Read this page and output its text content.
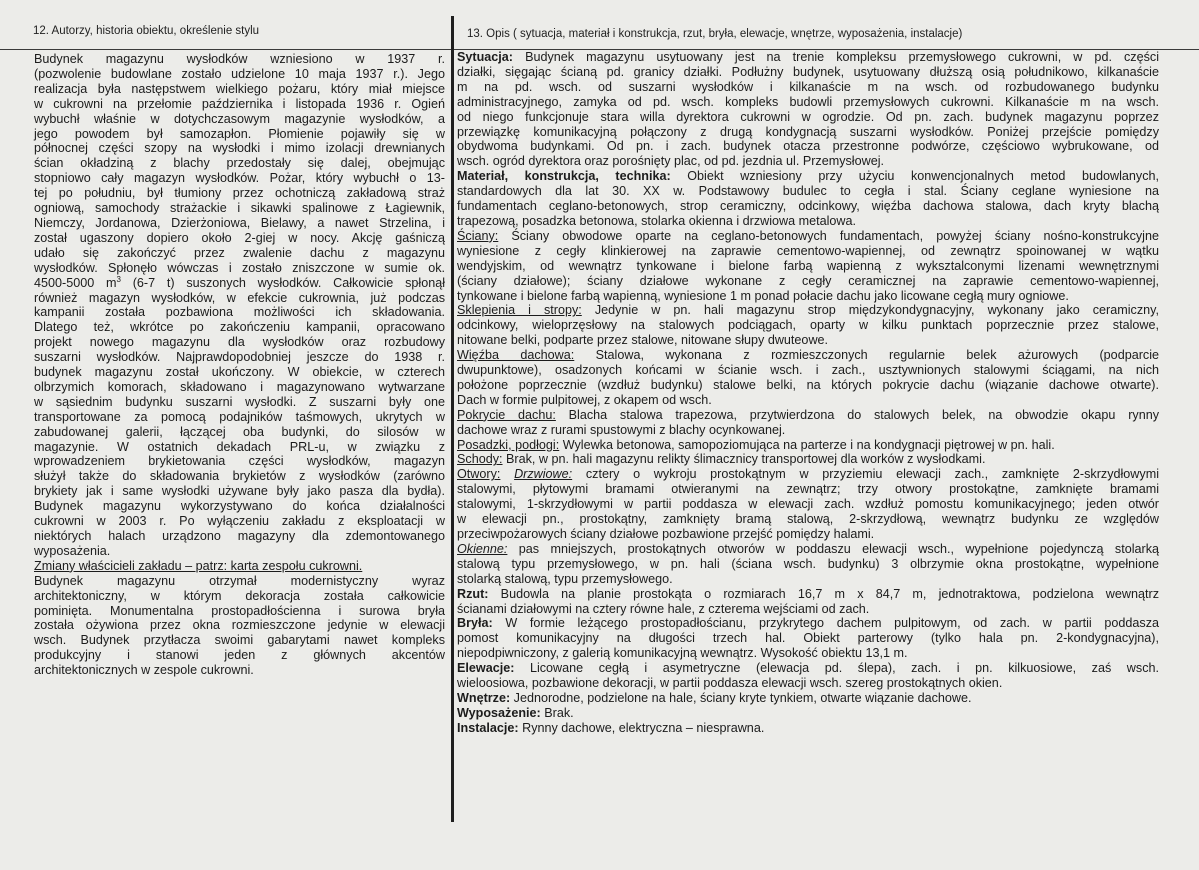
12. Autorzy, historia obiektu, określenie stylu	13. Opis ( sytuacja, materiał i konstrukcja, rzut, bryła, elewacje, wnętrze, wyposażenia, instalacje)

Budynek magazynu wysłodków wzniesiono w 1937 r.

(pozwolenie budowlane zostało udzielone 10 maja 1937 r.). Jego

realizacja była następstwem wielkiego pożaru, który miał miejsce

w cukrowni na przełomie października i listopada 1936 r. Ogień

wybuchł właśnie w dotychczasowym magazynie wysłodków, a

jego powodem był samozapłon. Płomienie pojawiły się w

północnej części szopy na wysłodki i mimo izolacji drewnianych

ścian okładziną z blachy przedostały się dalej, obejmując

stopniowo cały magazyn wysłodków. Pożar, który wybuchł o 13-

tej po południu, był tłumiony przez ochotniczą zakładową straż

ogniową, samochody strażackie i sikawki spalinowe z Łagiewnik,

Niemczy, Jordanowa, Dzierżoniowa, Bielawy, a nawet Strzelina, i

został ugaszony dopiero około 2-giej w nocy. Akcję gaśniczą

udało się zakończyć przez zwalenie dachu z magazynu

wysłodków. Spłonęło wówczas i zostało zniszczone w sumie ok.

4500-5000 $m^3$ (6-7 t) suszonych wysłodków. Całkowicie spłonął

również magazyn wysłodków, w efekcie cukrownia, już podczas

kampanii została pozbawiona możliwości ich składowania.

Dlatego też, wkrótce po zakończeniu kampanii, opracowano

projekt nowego magazynu dla wysłodków oraz rozbudowy

suszarni wysłodków. Najprawdopodobniej jeszcze do 1938 r.

budynek magazynu został ukończony. W obiekcie, w czterech

olbrzymich komorach, składowano i magazynowano wytwarzane

w sąsiednim budynku suszarni wysłodki. Z suszarni były one

transportowane za pomocą podajników taśmowych, ukrytych w

zabudowanej galerii, łączącej oba budynki, do silosów w

magazynie. W ostatnich dekadach PRL-u, w związku z

wprowadzeniem brykietowania części wysłodków, magazyn

służył także do składowania brykietów z wysłodków (zarówno

brykiety jak i same wysłodki używane były jako pasza dla bydła).

Budynek magazynu wykorzystywano do końca działalności

cukrowni w 2003 r. Po wyłączeniu zakładu z eksploatacji w

niektórych halach urządzono magazyny dla zdemontowanego

wyposażenia.

Zmiany właścicieli zakładu – patrz: karta zespołu cukrowni.

Budynek magazynu otrzymał modernistyczny wyraz

architektoniczny, w którym dekoracja została całkowicie

pominięta. Monumentalna prostopadłościenna i surowa bryła

została ożywiona przez okna rozmieszczone jedynie w elewacji

wsch. Budynek przytłacza swoimi gabarytami nawet kompleks

produkcyjny i stanowi jeden z głównych akcentów

architektonicznych w zespole cukrowni.

Sytuacja: Budynek magazynu usytuowany jest na trenie kompleksu przemysłowego cukrowni, w pd. części

działki, sięgając ścianą pd. granicy działki. Podłużny budynek, usytuowany dłuższą osią południkowo, kilkanaście

m na pd. wsch. od suszarni wysłodków i kilkanaście m na wsch. od rozbudowanego budynku

administracyjnego, zamyka od pd. wsch. kompleks budowli przemysłowych cukrowni. Kilkanaście m na wsch.

od niego funkcjonuje stara willa dyrektora cukrowni w ogrodzie. Od pn. zach. budynek magazynu poprzez

przewiązkę komunikacyjną połączony z drugą kondygnacją suszarni wysłodków. Poniżej przejście pomiędzy

obydwoma budynkami. Od pn. i zach. budynek otacza przestronne podwórze, częściowo wybrukowane, od

wsch. ogród dyrektora oraz porośnięty plac, od pd. jezdnia ul. Przemysłowej.

Materiał, konstrukcja, technika: Obiekt wzniesiony przy użyciu konwencjonalnych metod budowlanych,

standardowych dla lat 30. XX w. Podstawowy budulec to cegła i stal. Ściany ceglane wyniesione na

fundamentach ceglano-betonowych, strop ceramiczny, odcinkowy, więźba dachowa stalowa, dach kryty blachą

trapezową, posadzka betonowa, stolarka okienna i drzwiowa metalowa.

Ściany: Ściany obwodowe oparte na ceglano-betonowych fundamentach, powyżej ściany nośno-konstrukcyjne

wyniesione z cegły klinkierowej na zaprawie cementowo-wapiennej, od zewnątrz spoinowanej w wątku

wendyjskim, od wewnątrz tynkowane i bielone farbą wapienną z wyksztalconymi lizenami wewnętrznymi

(ściany działowe); ściany działowe wykonane z cegły ceramicznej na zaprawie cementowo-wapiennej,

tynkowane i bielone farbą wapienną, wyniesione 1 m ponad połacie dachu jako licowane cegłą mury ogniowe.

Sklepienia i stropy: Jedynie w pn. hali magazynu strop międzykondygnacyjny, wykonany jako ceramiczny,

odcinkowy, wieloprzęsłowy na stalowych podciągach, oparty w kilku punktach poprzecznie przez stalowe,

nitowane belki, podparte przez stalowe, nitowane słupy dwuteowe.

Więźba dachowa: Stalowa, wykonana z rozmieszczonych regularnie belek ażurowych (podparcie

dwupunktowe), osadzonych końcami w ścianie wsch. i zach., usztywnionych stalowymi ściągami, na nich

położone poprzecznie (wzdłuż budynku) stalowe belki, na których pokrycie dachu (wiązanie dachowe otwarte).

Dach w formie pulpitowej, z okapem od wsch.

Pokrycie dachu: Blacha stalowa trapezowa, przytwierdzona do stalowych belek, na obwodzie okapu rynny

dachowe wraz z rurami spustowymi z blachy ocynkowanej.

Posadzki, podłogi: Wylewka betonowa, samopoziomująca na parterze i na kondygnacji piętrowej w pn. hali.

Schody: Brak, w pn. hali magazynu relikty ślimacznicy transportowej dla worków z wysłodkami.

Otwory: Drzwiowe: cztery o wykroju prostokątnym w przyziemiu elewacji zach., zamknięte 2-skrzydłowymi

stalowymi, płytowymi bramami otwieranymi na zewnątrz; trzy otwory prostokątne, zamknięte bramami

stalowymi, 1-skrzydłowymi w partii poddasza w elewacji zach. wzdłuż pomostu komunikacyjnego; jeden otwór

w elewacji pn., prostokątny, zamknięty bramą stalową, 2-skrzydłową, wewnątrz budynku ze względów

przeciwpożarowych ściany działowe pozbawione przejść pomiędzy halami.

Okienne: pas mniejszych, prostokątnych otworów w poddaszu elewacji wsch., wypełnione pojedynczą stolarką

stalową typu przemysłowego, w pn. hali (ściana wsch. budynku) 3 olbrzymie okna prostokątne, wypełnione

stolarką stalową, typu przemysłowego.

Rzut: Budowla na planie prostokąta o rozmiarach 16,7 m x 84,7 m, jednotraktowa, podzielona wewnątrz

ścianami działowymi na cztery równe hale, z czterema wejściami od zach.

Bryła: W formie leżącego prostopadłościanu, przykrytego dachem pulpitowym, od zach. w partii poddasza

pomost komunikacyjny na długości trzech hal. Obiekt parterowy (tylko hala pn. 2-kondygnacyjna),

niepodpiwniczony, z galerią komunikacyjną wewnątrz. Wysokość obiektu 13,1 m.

Elewacje: Licowane cegłą i asymetryczne (elewacja pd. ślepa), zach. i pn. kilkuosiowe, zaś wsch.

wieloosiowa, pozbawione dekoracji, w partii poddasza elewacji wsch. szereg prostokątnych okien.

Wnętrze: Jednorodne, podzielone na hale, ściany kryte tynkiem, otwarte wiązanie dachowe.

Wyposażenie: Brak.

Instalacje: Rynny dachowe, elektryczna – niesprawna.
